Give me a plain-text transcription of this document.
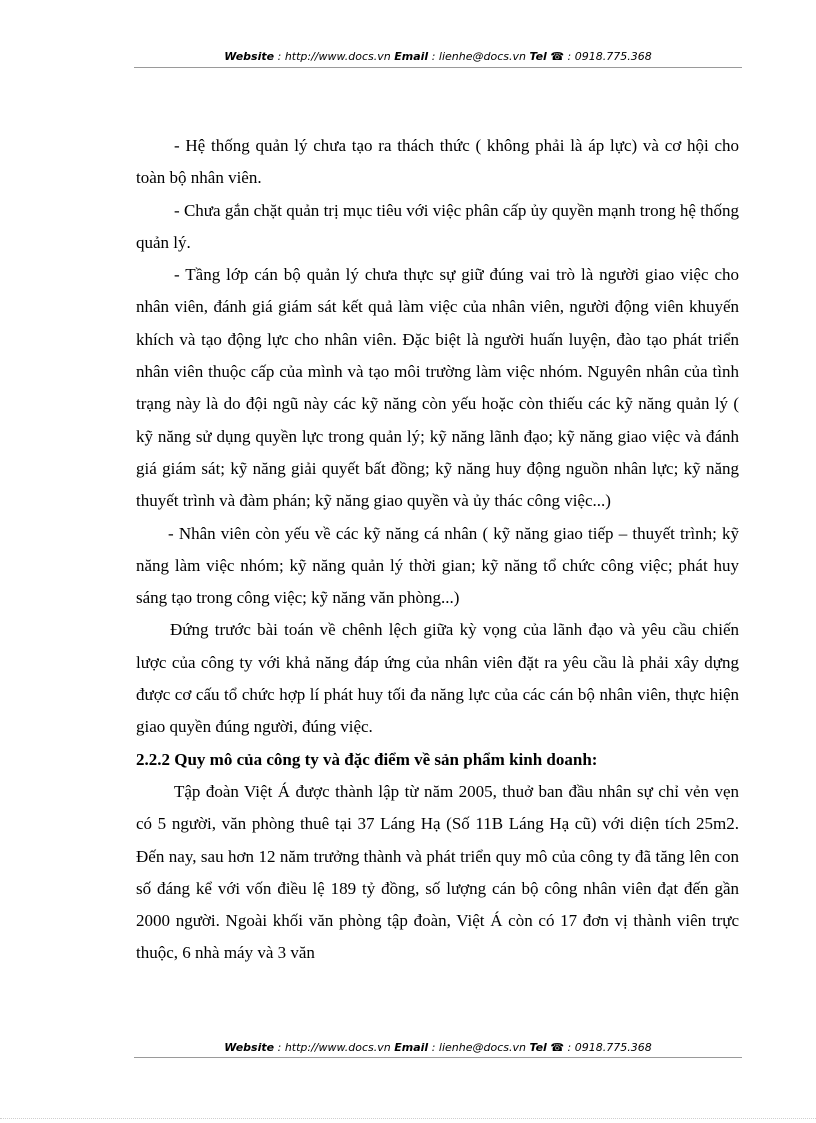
Website : http://www.docs.vn Email : lienhe@docs.vn Tel ☎ : 0918.775.368

- Hệ thống quản lý chưa tạo ra thách thức ( không phải là áp lực) và cơ hội cho toàn bộ nhân viên.

- Chưa gắn chặt quản trị mục tiêu với việc phân cấp ủy quyền mạnh trong hệ thống quản lý.

- Tầng lớp cán bộ quản lý chưa thực sự giữ đúng vai trò là người giao việc cho nhân viên, đánh giá giám sát kết quả làm việc của nhân viên, người động viên khuyến khích và tạo động lực cho nhân viên. Đặc biệt là người huấn luyện, đào tạo phát triển nhân viên thuộc cấp của mình và tạo môi trường làm việc nhóm. Nguyên nhân của tình trạng này là do đội ngũ này các kỹ năng còn yếu hoặc còn thiếu các kỹ năng quản lý ( kỹ năng sử dụng quyền lực trong quản lý; kỹ năng lãnh đạo; kỹ năng giao việc và đánh giá giám sát; kỹ năng giải quyết bất đồng; kỹ năng huy động nguồn nhân lực; kỹ năng thuyết trình và đàm phán; kỹ năng giao quyền và ủy thác công việc...)

- Nhân viên còn yếu về các kỹ năng cá nhân ( kỹ năng giao tiếp – thuyết trình; kỹ năng làm việc nhóm; kỹ năng quản lý thời gian; kỹ năng tổ chức công việc; phát huy sáng tạo trong công việc; kỹ năng văn phòng...)

Đứng trước bài toán về chênh lệch giữa kỳ vọng của lãnh đạo và yêu cầu chiến lược của công ty với khả năng đáp ứng của nhân viên đặt ra yêu cầu là phải xây dựng được cơ cấu tổ chức hợp lí phát huy tối đa năng lực của các cán bộ nhân viên, thực hiện giao quyền đúng người, đúng việc.

2.2.2 Quy mô của công ty và đặc điểm về sản phẩm kinh doanh:

Tập đoàn Việt Á được thành lập từ năm 2005, thuở ban đầu nhân sự chỉ vẻn vẹn có 5 người, văn phòng thuê tại 37 Láng Hạ (Số 11B Láng Hạ cũ) với diện tích 25m2. Đến nay, sau hơn 12 năm trưởng thành và phát triển quy mô của công ty đã tăng lên con số đáng kể với vốn điều lệ 189 tỷ đồng, số lượng cán bộ công nhân viên đạt đến gần 2000 người. Ngoài khối văn phòng tập đoàn, Việt Á còn có 17 đơn vị thành viên trực thuộc, 6 nhà máy và 3 văn

Website : http://www.docs.vn Email : lienhe@docs.vn Tel ☎ : 0918.775.368
